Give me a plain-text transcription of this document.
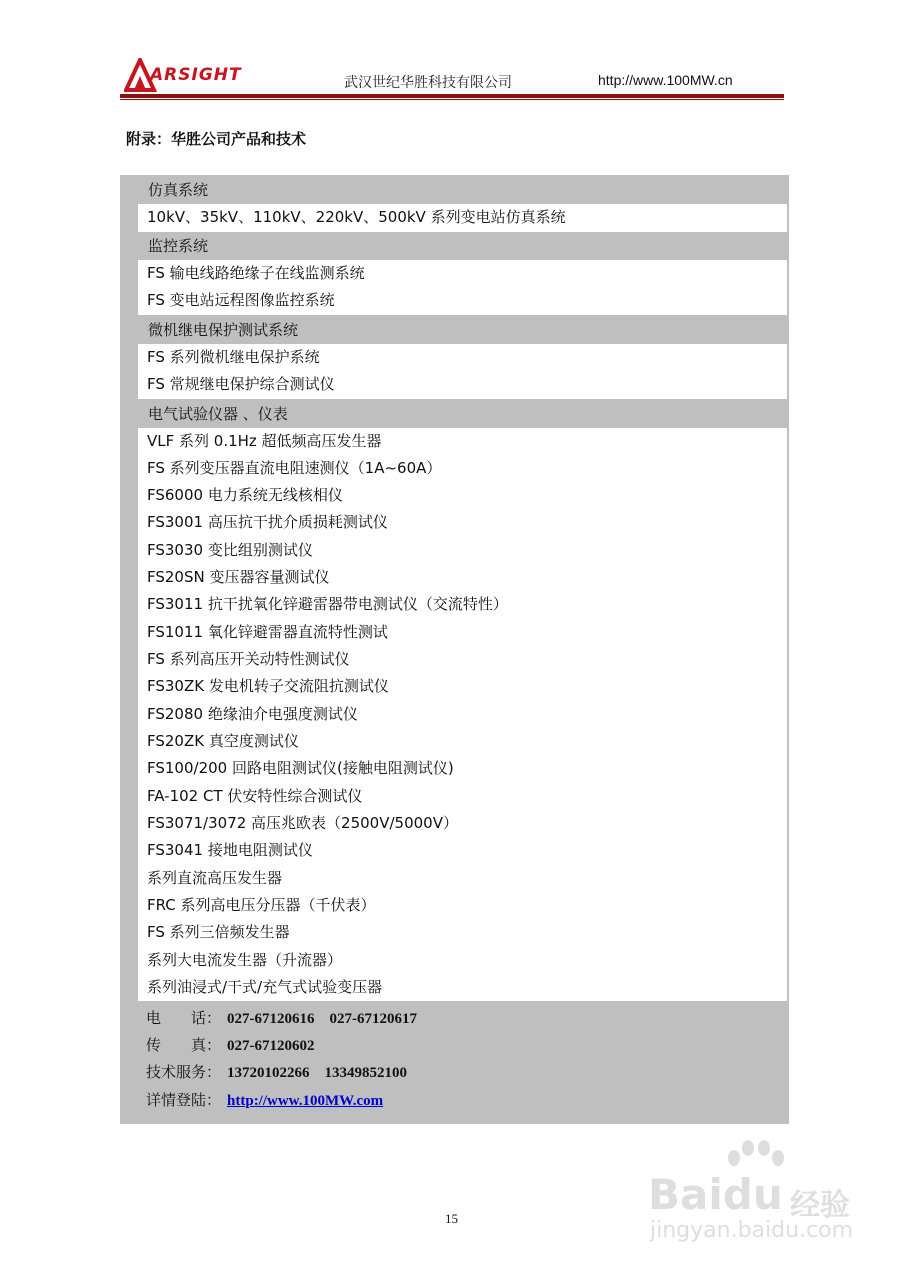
ARSIGHT	武汉世纪华胜科技有限公司	http://www.100MW.cn
附录：华胜公司产品和技术
仿真系统
10kV、35kV、110kV、220kV、500kV 系列变电站仿真系统
监控系统
FS 输电线路绝缘子在线监测系统
FS 变电站远程图像监控系统
微机继电保护测试系统
FS 系列微机继电保护系统
FS 常规继电保护综合测试仪
电气试验仪器 、仪表
VLF 系列 0.1Hz 超低频高压发生器
FS 系列变压器直流电阻速测仪（1A~60A）
FS6000 电力系统无线核相仪
FS3001 高压抗干扰介质损耗测试仪
FS3030 变比组别测试仪
FS20SN 变压器容量测试仪
FS3011 抗干扰氧化锌避雷器带电测试仪（交流特性）
FS1011 氧化锌避雷器直流特性测试
FS 系列高压开关动特性测试仪
FS30ZK 发电机转子交流阻抗测试仪
FS2080 绝缘油介电强度测试仪
FS20ZK 真空度测试仪
FS100/200 回路电阻测试仪(接触电阻测试仪)
FA-102 CT 伏安特性综合测试仪
FS3071/3072 高压兆欧表（2500V/5000V）
FS3041 接地电阻测试仪
系列直流高压发生器
FRC 系列高电压分压器（千伏表）
FS 系列三倍频发生器
系列大电流发生器（升流器）
系列油浸式/干式/充气式试验变压器
电　　话： 027-67120616　027-67120617
传　　真： 027-67120602
技术服务： 13720102266　13349852100
详情登陆： http://www.100MW.com
15	Baidu 经验
jingyan.baidu.com
